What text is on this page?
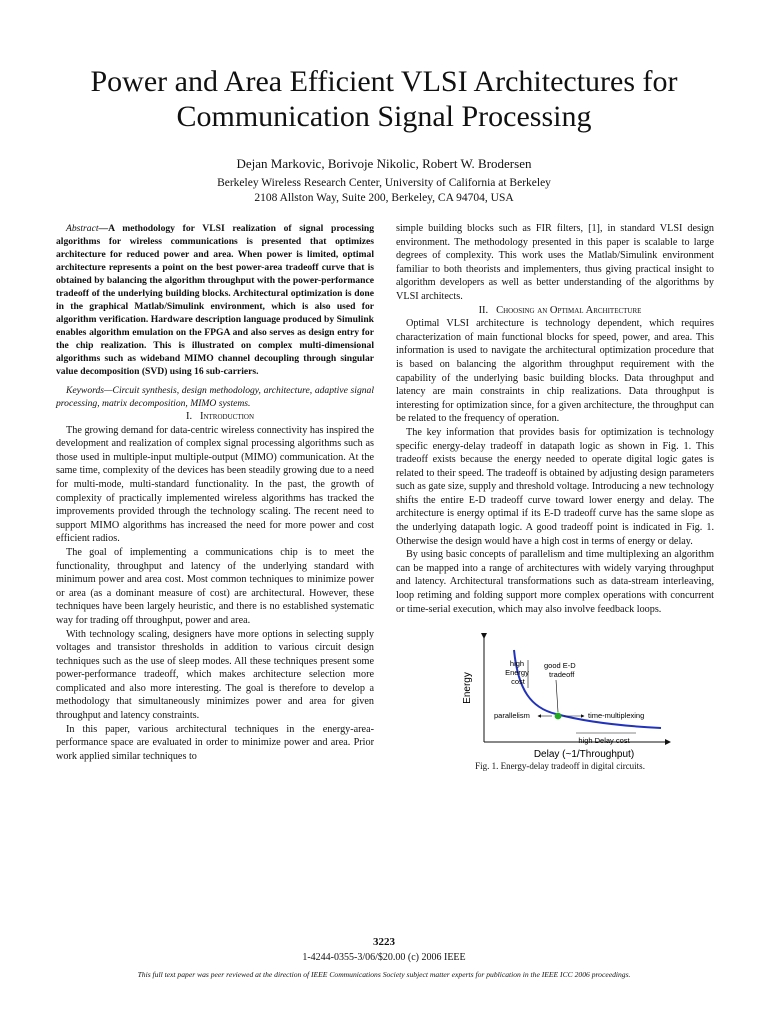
Power and Area Efficient VLSI Architectures for
Communication Signal Processing
Dejan Markovic, Borivoje Nikolic, Robert W. Brodersen
Berkeley Wireless Research Center, University of California at Berkeley
2108 Allston Way, Suite 200, Berkeley, CA 94704, USA

Abstract—A methodology for VLSI realization of signal processing algorithms for wireless communications is presented that optimizes architecture for reduced power and area. When power is limited, optimal architecture represents a point on the best power-area tradeoff curve that is obtained by balancing the algorithm throughput with the power-performance tradeoff of the underlying building blocks. Architectural optimization is done in the graphical Matlab/Simulink environment, which is also used for algorithm verification. Hardware description language produced by Simulink enables algorithm emulation on the FPGA and also serves as design entry for the chip realization. This is illustrated on complex multi-dimensional algorithms such as wideband MIMO channel decoupling through singular value decomposition (SVD) using 16 sub-carriers.

Keywords—Circuit synthesis, design methodology, architecture, adaptive signal processing, matrix decomposition, MIMO systems.

I. Introduction

The growing demand for data-centric wireless connectivity has inspired the development and realization of complex signal processing algorithms such as those used in multiple-input multiple-output (MIMO) communication. At the same time, complexity of the devices has been steadily growing due to a need for multi-mode, multi-standard functionality. In the past, the growth of complexity of practically implemented wireless algorithms has tracked the improvements provided through the technology scaling. The recent need to support MIMO algorithms has increased the need for more power and cost efficient radios.

The goal of implementing a communications chip is to meet the functionality, throughput and latency of the underlying standard with minimum power and area cost. Most common techniques to minimize power or area (as a dominant measure of cost) are architectural. However, these techniques have been largely heuristic, and there is no established systematic way for trading off throughput, power and area.

With technology scaling, designers have more options in selecting supply voltages and transistor thresholds in addition to various circuit design techniques such as the use of sleep modes. All these techniques present some power-performance tradeoff, which makes architecture selection more complicated and also more interesting. The goal is therefore to develop a methodology that simultaneously minimizes power and area for given throughput and latency constraints.

In this paper, various architectural techniques in the energy-area-performance space are evaluated in order to minimize power and area. Prior work applied similar techniques to

simple building blocks such as FIR filters, [1], in standard VLSI design environment. The methodology presented in this paper is scalable to large degrees of complexity. This work uses the Matlab/Simulink environment familiar to both theorists and implementers, thus giving practical insight to algorithm developers as well as better understanding of the algorithms by VLSI architects.

II. Choosing an Optimal Architecture

Optimal VLSI architecture is technology dependent, which requires characterization of main functional blocks for speed, power, and area. This information is used to navigate the architectural optimization procedure that is based on balancing the algorithm throughput requirement with the capability of the underlying basic building blocks. Data throughput and latency are main constraints in chip realizations. Data throughput is interesting for optimization since, for a given architecture, the throughput can be related to the frequency of operation.

The key information that provides basis for optimization is technology specific energy-delay tradeoff in datapath logic as shown in Fig. 1. This tradeoff exists because the energy needed to operate digital logic gates is related to their speed. The tradeoff is obtained by adjusting design parameters such as gate size, supply and threshold voltage. Introducing a new technology shifts the entire E-D tradeoff curve toward lower energy and delay. The architecture is energy optimal if its E-D tradeoff curve has the same slope as the underlying datapath logic. A good tradeoff point is indicated in Fig. 1. Otherwise the design would have a high cost in terms of energy or delay.

By using basic concepts of parallelism and time multiplexing an algorithm can be mapped into a range of architectures with widely varying throughput and latency. Architectural transformations such as data-stream interleaving, loop retiming and folding support more complex operations with concurrent or time-serial execution, which may also involve feedback loops.

Energy
Delay (~1/Throughput)
high Energy cost
good E-D tradeoff
parallelism	time-multiplexing
high Delay cost

Fig. 1. Energy-delay tradeoff in digital circuits.

3223
1-4244-0355-3/06/$20.00 (c) 2006 IEEE
This full text paper was peer reviewed at the direction of IEEE Communications Society subject matter experts for publication in the IEEE ICC 2006 proceedings.
